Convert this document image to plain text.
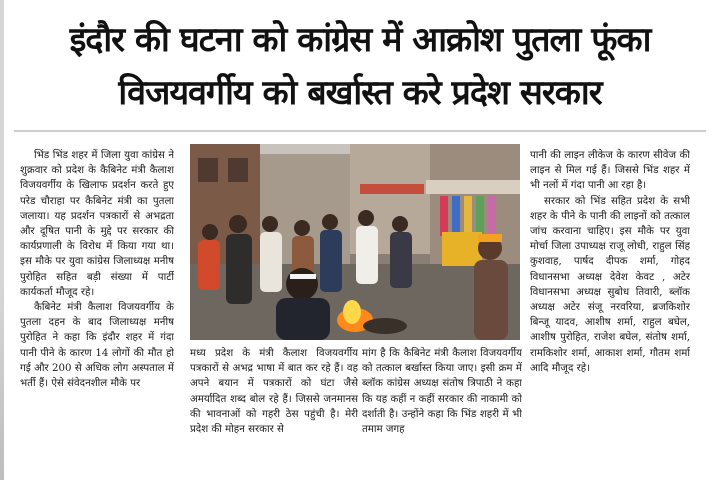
इंदौर की घटना को कांग्रेस में आक्रोश पुतला फूंका
विजयवर्गीय को बर्खास्त करे प्रदेश सरकार

भिंड भिंड शहर में जिला युवा कांग्रेस ने शुक्रवार को प्रदेश के कैबिनेट मंत्री कैलाश विजयवर्गीय के खिलाफ प्रदर्शन करते हुए परेड चौराहा पर कैबिनेट मंत्री का पुतला जलाया। यह प्रदर्शन पत्रकारों से अभद्रता और दूषित पानी के मुद्दे पर सरकार की कार्यप्रणाली के विरोध में किया गया था। इस मौके पर युवा कांग्रेस जिलाध्यक्ष मनीष पुरोहित सहित बड़ी संख्या में पार्टी कार्यकर्ता मौजूद रहे।

कैबिनेट मंत्री कैलाश विजयवर्गीय के पुतला दहन के बाद जिलाध्यक्ष मनीष पुरोहित ने कहा कि इंदौर शहर में गंदा पानी पीने के कारण 14 लोगों की मौत हो गई और 200 से अधिक लोग अस्पताल में भर्ती हैं। ऐसे संवेदनशील मौके पर

मध्य प्रदेश के मंत्री कैलाश विजयवर्गीय पत्रकारों से अभद्र भाषा में बात कर रहे हैं। वह अपने बयान में पत्रकारों को घंटा जैसे अमर्यादित शब्द बोल रहे हैं। जिससे जनमानस की भावनाओं को गहरी ठेस पहुंची है। मेरी प्रदेश की मोहन सरकार से

मांग है कि कैबिनेट मंत्री कैलाश विजयवर्गीय को तत्काल बर्खास्त किया जाए। इसी क्रम में ब्लॉक कांग्रेस अध्यक्ष संतोष त्रिपाठी ने कहा कि यह कहीं न कहीं सरकार की नाकामी को दर्शाती है। उन्होंने कहा कि भिंड शहरी में भी तमाम जगह

पानी की लाइन लीकेज के कारण सीवेज की लाइन से मिल गई हैं। जिससे भिंड शहर में भी नलों में गंदा पानी आ रहा है।

सरकार को भिंड सहित प्रदेश के सभी शहर के पीने के पानी की लाइनों को तत्काल जांच करवाना चाहिए। इस मौके पर युवा मोर्चा जिला उपाध्यक्ष राजू लोधी, राहुल सिंह कुशवाह, पार्षद दीपक शर्मा, गोहद विधानसभा अध्यक्ष देवेश केवट , अटेर विधानसभा अध्यक्ष सुबोध तिवारी, ब्लॉक अध्यक्ष अटेर संजू नरवरिया, ब्रजकिशोर बिन्जू यादव, आशीष शर्मा, राहुल बघेल, आशीष पुरोहित, राजेश बघेल, संतोष शर्मा, रामकिशोर शर्मा, आकाश शर्मा, गौतम शर्मा आदि मौजूद रहे।
